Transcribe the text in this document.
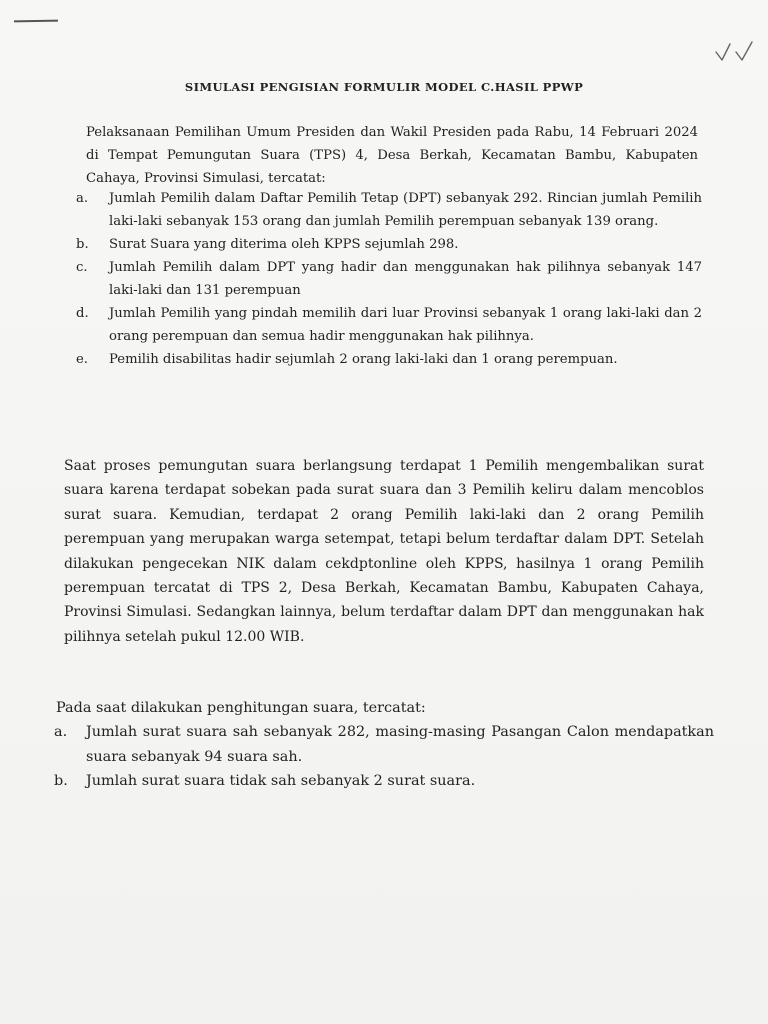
SIMULASI PENGISIAN FORMULIR MODEL C.HASIL PPWP

Pelaksanaan Pemilihan Umum Presiden dan Wakil Presiden pada Rabu, 14 Februari 2024 di Tempat Pemungutan Suara (TPS) 4, Desa Berkah, Kecamatan Bambu, Kabupaten Cahaya, Provinsi Simulasi, tercatat:

a. Jumlah Pemilih dalam Daftar Pemilih Tetap (DPT) sebanyak 292. Rincian jumlah Pemilih laki-laki sebanyak 153 orang dan jumlah Pemilih perempuan sebanyak 139 orang.
b. Surat Suara yang diterima oleh KPPS sejumlah 298.
c. Jumlah Pemilih dalam DPT yang hadir dan menggunakan hak pilihnya sebanyak 147 laki-laki dan 131 perempuan
d. Jumlah Pemilih yang pindah memilih dari luar Provinsi sebanyak 1 orang laki-laki dan 2 orang perempuan dan semua hadir menggunakan hak pilihnya.
e. Pemilih disabilitas hadir sejumlah 2 orang laki-laki dan 1 orang perempuan.

Saat proses pemungutan suara berlangsung terdapat 1 Pemilih mengembalikan surat suara karena terdapat sobekan pada surat suara dan 3 Pemilih keliru dalam mencoblos surat suara. Kemudian, terdapat 2 orang Pemilih laki-laki dan 2 orang Pemilih perempuan yang merupakan warga setempat, tetapi belum terdaftar dalam DPT. Setelah dilakukan pengecekan NIK dalam cekdptonline oleh KPPS, hasilnya 1 orang Pemilih perempuan tercatat di TPS 2, Desa Berkah, Kecamatan Bambu, Kabupaten Cahaya, Provinsi Simulasi. Sedangkan lainnya, belum terdaftar dalam DPT dan menggunakan hak pilihnya setelah pukul 12.00 WIB.

Pada saat dilakukan penghitungan suara, tercatat:

a. Jumlah surat suara sah sebanyak 282, masing-masing Pasangan Calon mendapatkan suara sebanyak 94 suara sah.
b. Jumlah surat suara tidak sah sebanyak 2 surat suara.
